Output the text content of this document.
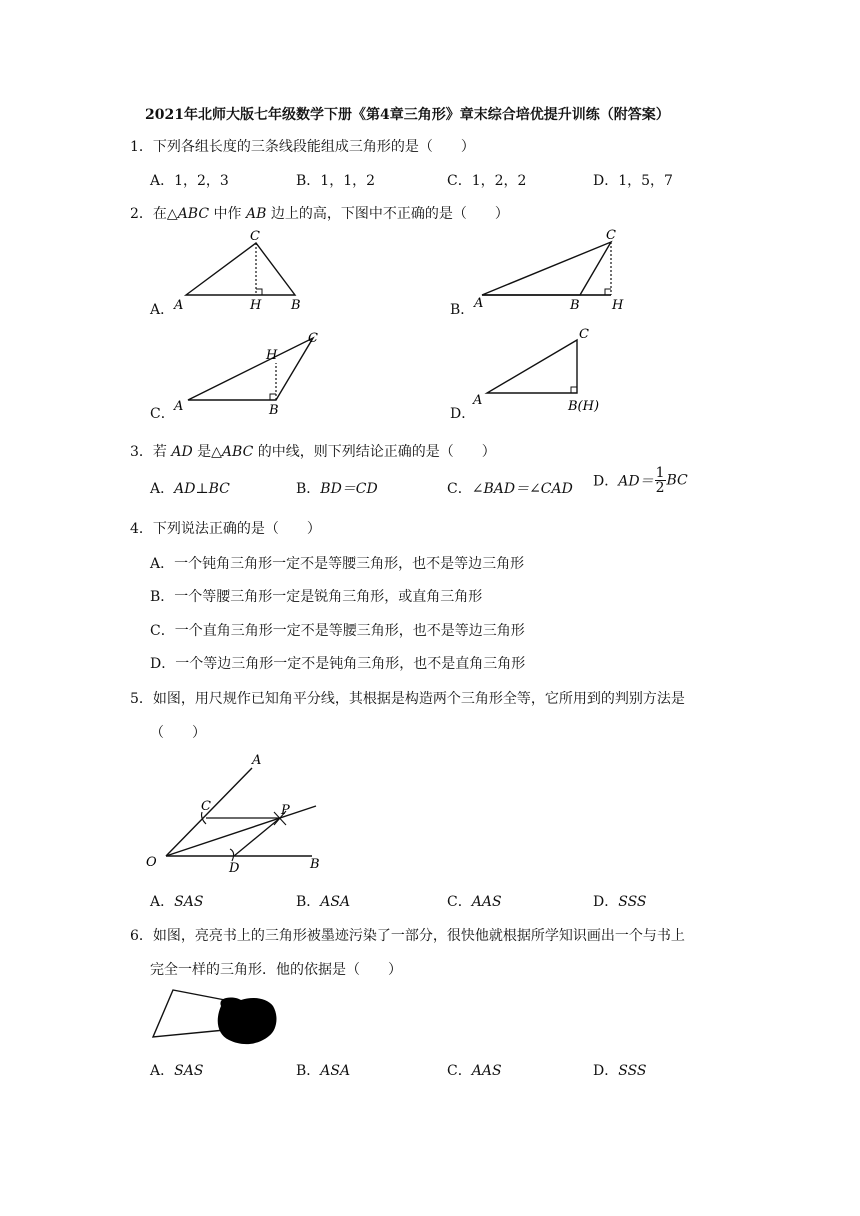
2021年北师大版七年级数学下册《第4章三角形》章末综合培优提升训练（附答案）
1．下列各组长度的三条线段能组成三角形的是（　　）
A．1，2，3	B．1，1，2	C．1，2，2	D．1，5，7
2．在△ABC 中作 AB 边上的高，下图中不正确的是（　　）
A．
C
A	H B	B．
C
A	B H
C．
H
C
A	B	D．
C
A	B(H)
3．若 AD 是△ABC 的中线，则下列结论正确的是（　　）
A．AD⊥BC	B．BD＝CD	C．∠BAD＝∠CAD D．$AD= \frac{1}{2}$ BC
4．下列说法正确的是（　　）
A．一个钝角三角形一定不是等腰三角形，也不是等边三角形
B．一个等腰三角形一定是锐角三角形，或直角三角形
C．一个直角三角形一定不是等腰三角形，也不是等边三角形
D．一个等边三角形一定不是钝角三角形，也不是直角三角形
5．如图，用尺规作已知角平分线，其根据是构造两个三角形全等，它所用到的判别方法是
（　　）
A
C	P
O	D	B
A．SAS	B．ASA	C．AAS	D．SSS
6．如图，亮亮书上的三角形被墨迹污染了一部分，很快他就根据所学知识画出一个与书上
完全一样的三角形．他的依据是（　　）
A．SAS	B．ASA	C．AAS	D．SSS
